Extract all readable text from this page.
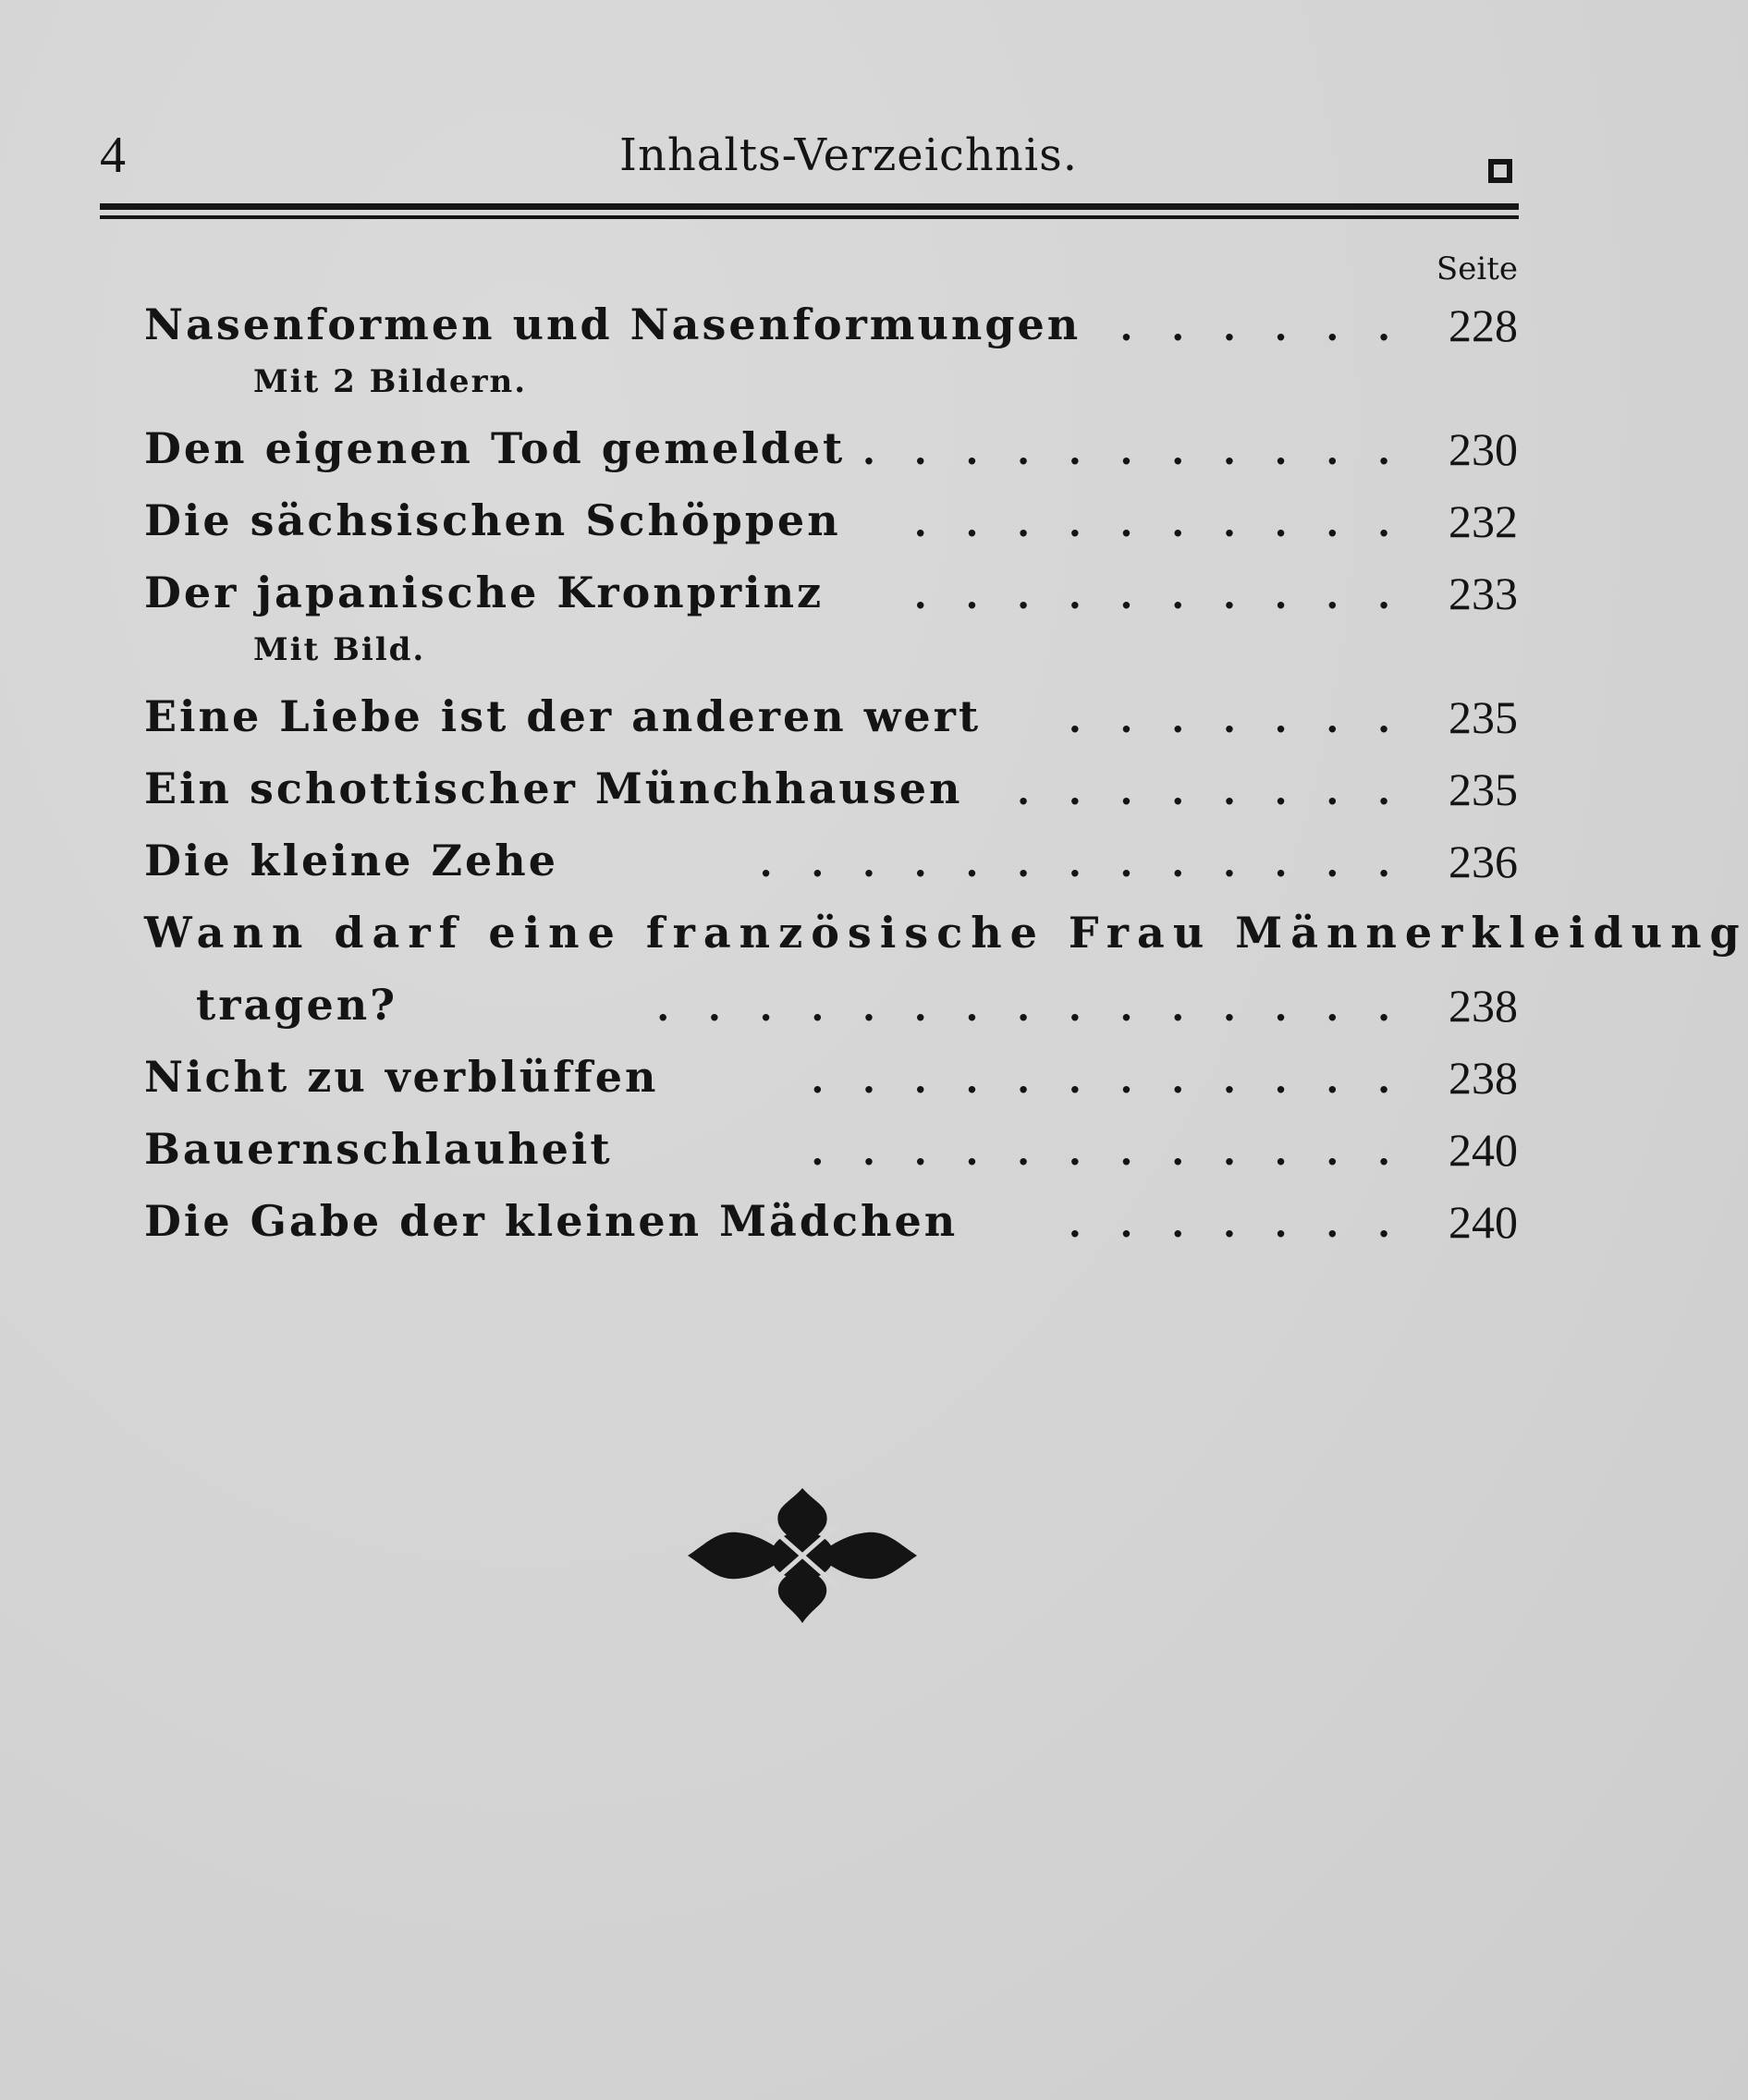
4	Inhalts-Verzeichnis.
Seite
Nasenformen und Nasenformungen .   .   .   .   .   . 228
Mit 2 Bildern.
Den eigenen Tod gemeldet .   .   .   .   .   .   .   .   .   .   . 230
Die sächsischen Schöppen .   .   .   .   .   .   .   .   .   . 232
Der japanische Kronprinz .   .   .   .   .   .   .   .   .   . 233
Mit Bild.
Eine Liebe ist der anderen wert .   .   .   .   .   .   . 235
Ein schottischer Münchhausen .   .   .   .   .   .   .   . 235
Die kleine Zehe	.   .   .   .   .   .   .   .   .   .   .   .   . 236
Wann darf eine französische Frau Männerkleidung
tragen?	.   .   .   .   .   .   .   .   .   .   .   .   .   .   . 238
Nicht zu verblüffen	.   .   .   .   .   .   .   .   .   .   .   . 238
Bauernschlauheit	.   .   .   .   .   .   .   .   .   .   .   . 240
Die Gabe der kleinen Mädchen	.   .   .   .   .   .   . 240
